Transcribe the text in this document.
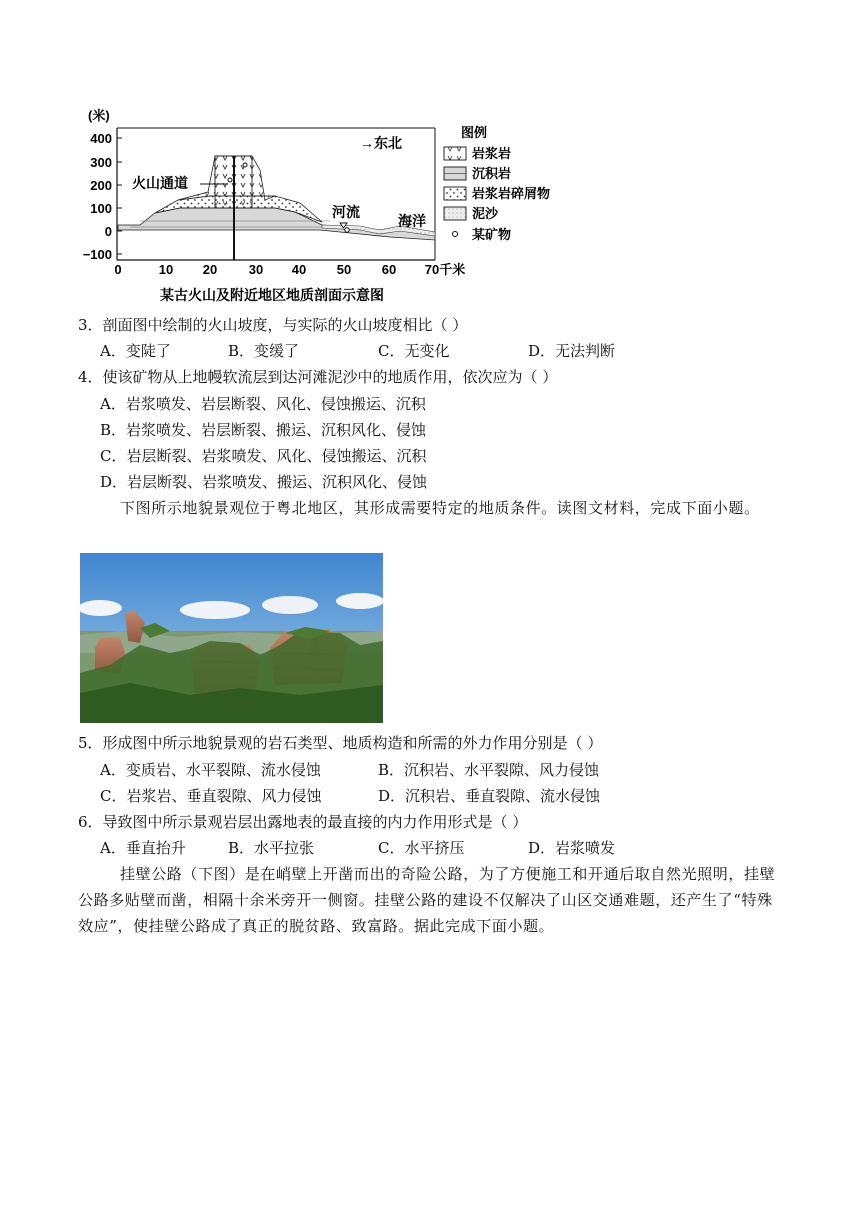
(米)
400
300
200
100
0
−100
0	10 20 30 40 50 60 70千米
→东北
火山通道
河流
海洋
图例
岩浆岩
沉积岩
岩浆岩碎屑物
泥沙
某矿物
某古火山及附近地区地质剖面示意图
3．剖面图中绘制的火山坡度，与实际的火山坡度相比（ ）
A．变陡了	B．变缓了	C．无变化	D．无法判断
4．使该矿物从上地幔软流层到达河滩泥沙中的地质作用，依次应为（ ）
A．岩浆喷发、岩层断裂、风化、侵蚀搬运、沉积
B．岩浆喷发、岩层断裂、搬运、沉积风化、侵蚀
C．岩层断裂、岩浆喷发、风化、侵蚀搬运、沉积
D．岩层断裂、岩浆喷发、搬运、沉积风化、侵蚀
下图所示地貌景观位于粤北地区，其形成需要特定的地质条件。读图文材料，完成下面小题。
5．形成图中所示地貌景观的岩石类型、地质构造和所需的外力作用分别是（ ）
A．变质岩、水平裂隙、流水侵蚀	B．沉积岩、水平裂隙、风力侵蚀
C．岩浆岩、垂直裂隙、风力侵蚀	D．沉积岩、垂直裂隙、流水侵蚀
6．导致图中所示景观岩层出露地表的最直接的内力作用形式是（ ）
A．垂直抬升	B．水平拉张	C．水平挤压	D．岩浆喷发
挂壁公路（下图）是在峭壁上开凿而出的奇险公路，为了方便施工和开通后取自然光照明，挂壁公路多贴壁而凿，相隔十余米旁开一侧窗。挂壁公路的建设不仅解决了山区交通难题，还产生了“特殊效应”，使挂壁公路成了真正的脱贫路、致富路。据此完成下面小题。
